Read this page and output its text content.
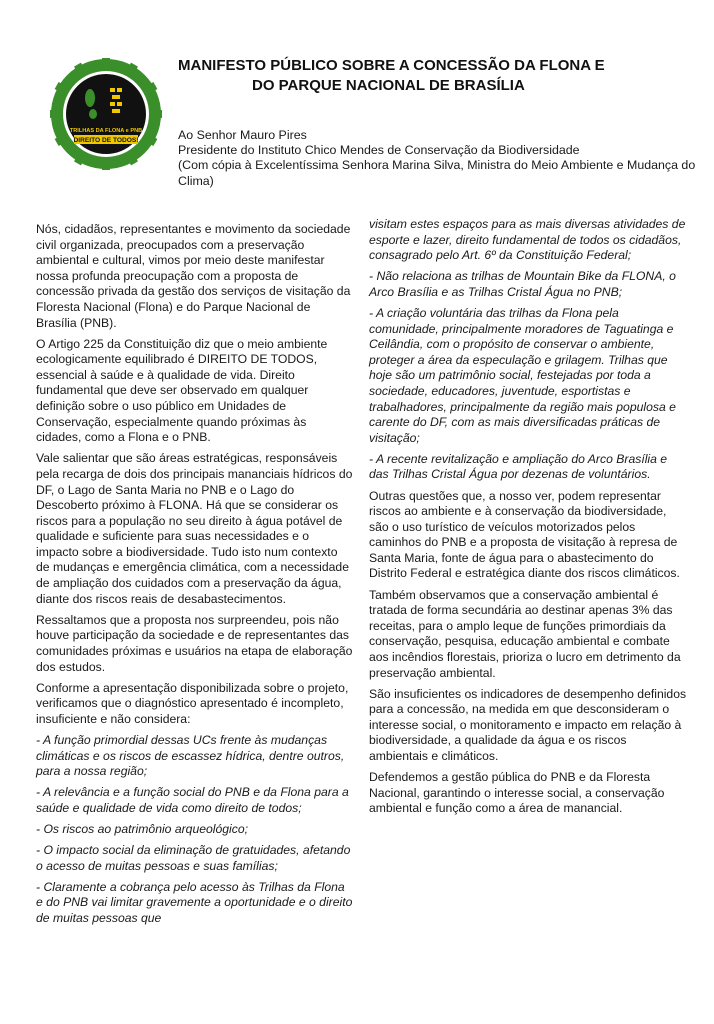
TRILHAS DA FLONA e PNB
DIREITO DE TODOS!
MANIFESTO PÚBLICO SOBRE A CONCESSÃO DA FLONA E
DO PARQUE NACIONAL DE BRASÍLIA
Ao Senhor Mauro Pires
Presidente do Instituto Chico Mendes de Conservação da Biodiversidade
(Com cópia à Excelentíssima Senhora Marina Silva, Ministra do Meio Ambiente e Mudança do Clima)

Nós, cidadãos, representantes e movimento da sociedade civil organizada, preocupados com a preservação ambiental e cultural, vimos por meio deste manifestar nossa profunda preocupação com a proposta de concessão privada da gestão dos serviços de visitação da Floresta Nacional (Flona) e do Parque Nacional de Brasília (PNB).

O Artigo 225 da Constituição diz que o meio ambiente ecologicamente equilibrado é DIREITO DE TODOS, essencial à saúde e à qualidade de vida. Direito fundamental que deve ser observado em qualquer definição sobre o uso público em Unidades de Conservação, especialmente quando próximas às cidades, como a Flona e o PNB.

Vale salientar que são áreas estratégicas, responsáveis pela recarga de dois dos principais mananciais hídricos do DF, o Lago de Santa Maria no PNB e o Lago do Descoberto próximo à FLONA. Há que se considerar os riscos para a população no seu direito à água potável de qualidade e suficiente para suas necessidades e o impacto sobre a biodiversidade. Tudo isto num contexto de mudanças e emergência climática, com a necessidade de ampliação dos cuidados com a preservação da água, diante dos riscos reais de desabastecimentos.

Ressaltamos que a proposta nos surpreendeu, pois não houve participação da sociedade e de representantes das comunidades próximas e usuários na etapa de elaboração dos estudos.

Conforme a apresentação disponibilizada sobre o projeto, verificamos que o diagnóstico apresentado é incompleto, insuficiente e não considera:

- A função primordial dessas UCs frente às mudanças climáticas e os riscos de escassez hídrica, dentre outros, para a nossa região;

- A relevância e a função social do PNB e da Flona para a saúde e qualidade de vida como direito de todos;

- Os riscos ao patrimônio arqueológico;

- O impacto social da eliminação de gratuidades, afetando o acesso de muitas pessoas e suas famílias;

- Claramente a cobrança pelo acesso às Trilhas da Flona e do PNB vai limitar gravemente a oportunidade e o direito de muitas pessoas que

visitam estes espaços para as mais diversas atividades de esporte e lazer, direito fundamental de todos os cidadãos, consagrado pelo Art. 6º da Constituição Federal;

- Não relaciona as trilhas de Mountain Bike da FLONA, o Arco Brasília e as Trilhas Cristal Água no PNB;

- A criação voluntária das trilhas da Flona pela comunidade, principalmente moradores de Taguatinga e Ceilândia, com o propósito de conservar o ambiente, proteger a área da especulação e grilagem. Trilhas que hoje são um patrimônio social, festejadas por toda a sociedade, educadores, juventude, esportistas e trabalhadores, principalmente da região mais populosa e carente do DF, com as mais diversificadas práticas de visitação;

- A recente revitalização e ampliação do Arco Brasília e das Trilhas Cristal Água por dezenas de voluntários.

Outras questões que, a nosso ver, podem representar riscos ao ambiente e à conservação da biodiversidade, são o uso turístico de veículos motorizados pelos caminhos do PNB e a proposta de visitação à represa de Santa Maria, fonte de água para o abastecimento do Distrito Federal e estratégica diante dos riscos climáticos.

Também observamos que a conservação ambiental é tratada de forma secundária ao destinar apenas 3% das receitas, para o amplo leque de funções primordiais da conservação, pesquisa, educação ambiental e combate aos incêndios florestais, prioriza o lucro em detrimento da preservação ambiental.

São insuficientes os indicadores de desempenho definidos para a concessão, na medida em que desconsideram o interesse social, o monitoramento e impacto em relação à biodiversidade, a qualidade da água e os riscos ambientais e climáticos.

Defendemos a gestão pública do PNB e da Floresta Nacional, garantindo o interesse social, a conservação ambiental e função como a área de manancial.
